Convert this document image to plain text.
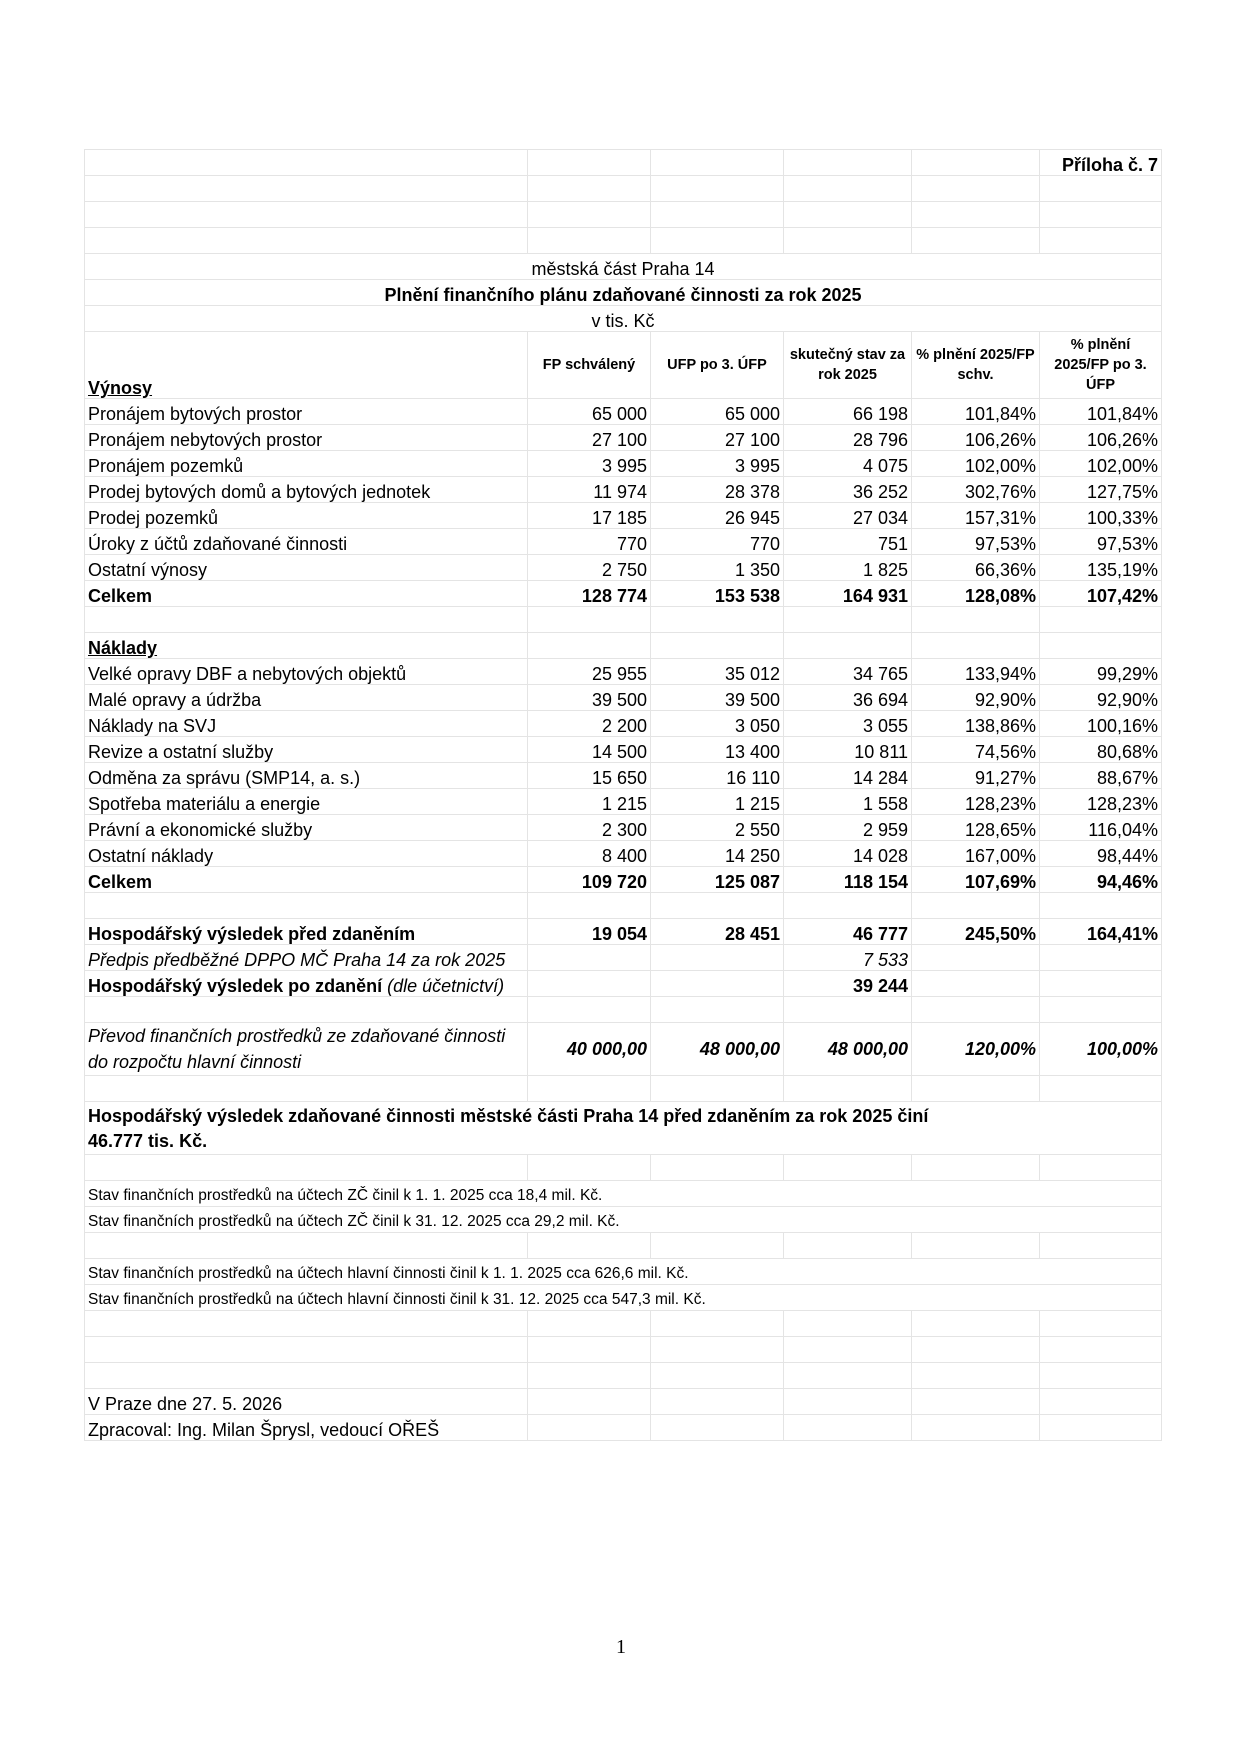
					Příloha č. 7

městská část Praha 14					
Plnění finančního plánu zdaňované činnosti za rok 2025					
v tis. Kč					
Výnosy	FP schválený	UFP po 3. ÚFP	skutečný stav za rok 2025	% plnění 2025/FP schv.	% plnění 2025/FP po 3. ÚFP
Pronájem bytových prostor	65 000	65 000	66 198	101,84%	101,84%
Pronájem nebytových prostor	27 100	27 100	28 796	106,26%	106,26%
Pronájem pozemků	3 995	3 995	4 075	102,00%	102,00%
Prodej bytových domů a bytových jednotek	11 974	28 378	36 252	302,76%	127,75%
Prodej pozemků	17 185	26 945	27 034	157,31%	100,33%
Úroky z účtů zdaňované činnosti	770	770	751	97,53%	97,53%
Ostatní výnosy	2 750	1 350	1 825	66,36%	135,19%
Celkem	128 774	153 538	164 931	128,08%	107,42%

Náklady					
Velké opravy DBF a nebytových objektů	25 955	35 012	34 765	133,94%	99,29%
Malé opravy a údržba	39 500	39 500	36 694	92,90%	92,90%
Náklady na SVJ	2 200	3 050	3 055	138,86%	100,16%
Revize a ostatní služby	14 500	13 400	10 811	74,56%	80,68%
Odměna za správu (SMP14, a. s.)	15 650	16 110	14 284	91,27%	88,67%
Spotřeba materiálu a energie	1 215	1 215	1 558	128,23%	128,23%
Právní a ekonomické služby	2 300	2 550	2 959	128,65%	116,04%
Ostatní náklady	8 400	14 250	14 028	167,00%	98,44%
Celkem	109 720	125 087	118 154	107,69%	94,46%

Hospodářský výsledek před zdaněním	19 054	28 451	46 777	245,50%	164,41%
Předpis předběžné DPPO MČ Praha 14 za rok 2025			7 533		
Hospodářský výsledek po zdanění (dle účetnictví)			39 244		

Převod finančních prostředků ze zdaňované činnosti
do rozpočtu hlavní činnosti	40 000,00	48 000,00	48 000,00	120,00%	100,00%

Hospodářský výsledek zdaňované činnosti městské části Praha 14 před zdaněním za rok 2025 činí
46.777 tis. Kč.					

Stav finančních prostředků na účtech ZČ činil k 1. 1. 2025 cca 18,4 mil. Kč.					
Stav finančních prostředků na účtech ZČ činil k 31. 12. 2025 cca 29,2 mil. Kč.					

Stav finančních prostředků na účtech hlavní činnosti činil k 1. 1. 2025 cca 626,6 mil. Kč.					
Stav finančních prostředků na účtech hlavní činnosti činil k 31. 12. 2025 cca 547,3 mil. Kč.					

V Praze dne 27. 5. 2026					
Zpracoval: Ing. Milan Šprysl, vedoucí OŘEŠ					
1
